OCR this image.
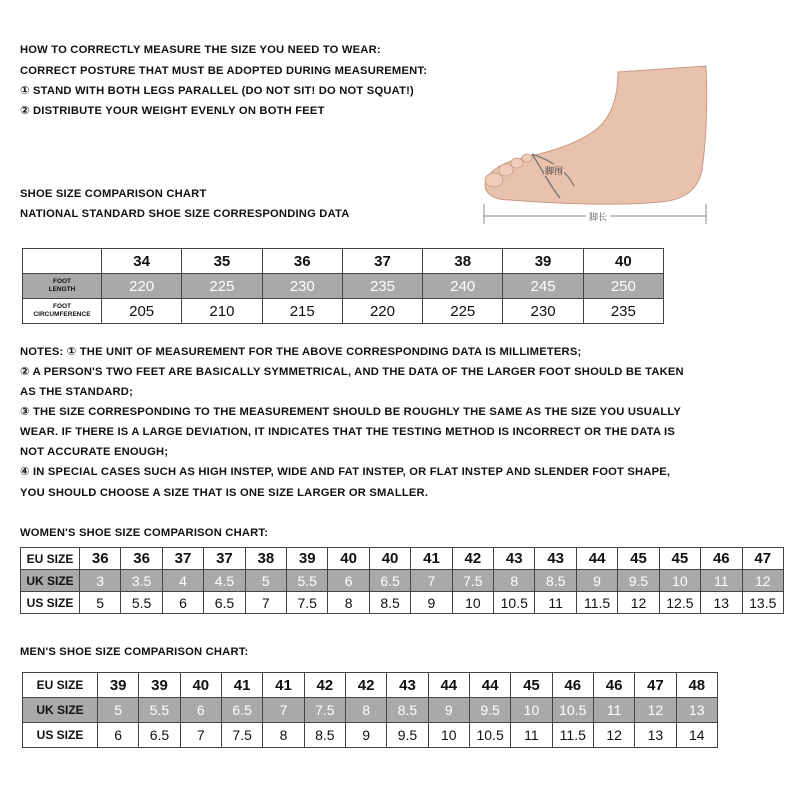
HOW TO CORRECTLY MEASURE THE SIZE YOU NEED TO WEAR:
CORRECT POSTURE THAT MUST BE ADOPTED DURING MEASUREMENT:
① STAND WITH BOTH LEGS PARALLEL (DO NOT SIT! DO NOT SQUAT!)
② DISTRIBUTE YOUR WEIGHT EVENLY ON BOTH FEET
脚围
脚长
SHOE SIZE COMPARISON CHART
NATIONAL STANDARD SHOE SIZE CORRESPONDING DATA
	34	35	36	37	38	39	40
FOOT
LENGTH	220	225	230	235	240	245	250
FOOT
CIRCUMFERENCE	205	210	215	220	225	230	235
NOTES: ① THE UNIT OF MEASUREMENT FOR THE ABOVE CORRESPONDING DATA IS MILLIMETERS;
② A PERSON'S TWO FEET ARE BASICALLY SYMMETRICAL, AND THE DATA OF THE LARGER FOOT SHOULD BE TAKEN
AS THE STANDARD;
③ THE SIZE CORRESPONDING TO THE MEASUREMENT SHOULD BE ROUGHLY THE SAME AS THE SIZE YOU USUALLY
WEAR. IF THERE IS A LARGE DEVIATION, IT INDICATES THAT THE TESTING METHOD IS INCORRECT OR THE DATA IS
NOT ACCURATE ENOUGH;
④ IN SPECIAL CASES SUCH AS HIGH INSTEP, WIDE AND FAT INSTEP, OR FLAT INSTEP AND SLENDER FOOT SHAPE,
YOU SHOULD CHOOSE A SIZE THAT IS ONE SIZE LARGER OR SMALLER.
WOMEN'S SHOE SIZE COMPARISON CHART:
EU SIZE	36	36	37	37	38	39	40	40	41	42	43	43	44	45	45	46	47
UK SIZE	3	3.5	4	4.5	5	5.5	6	6.5	7	7.5	8	8.5	9	9.5	10	11	12
US SIZE	5	5.5	6	6.5	7	7.5	8	8.5	9	10	10.5	11	11.5	12	12.5	13	13.5
MEN'S SHOE SIZE COMPARISON CHART:
EU SIZE	39	39	40	41	41	42	42	43	44	44	45	46	46	47	48
UK SIZE	5	5.5	6	6.5	7	7.5	8	8.5	9	9.5	10	10.5	11	12	13
US SIZE	6	6.5	7	7.5	8	8.5	9	9.5	10	10.5	11	11.5	12	13	14
